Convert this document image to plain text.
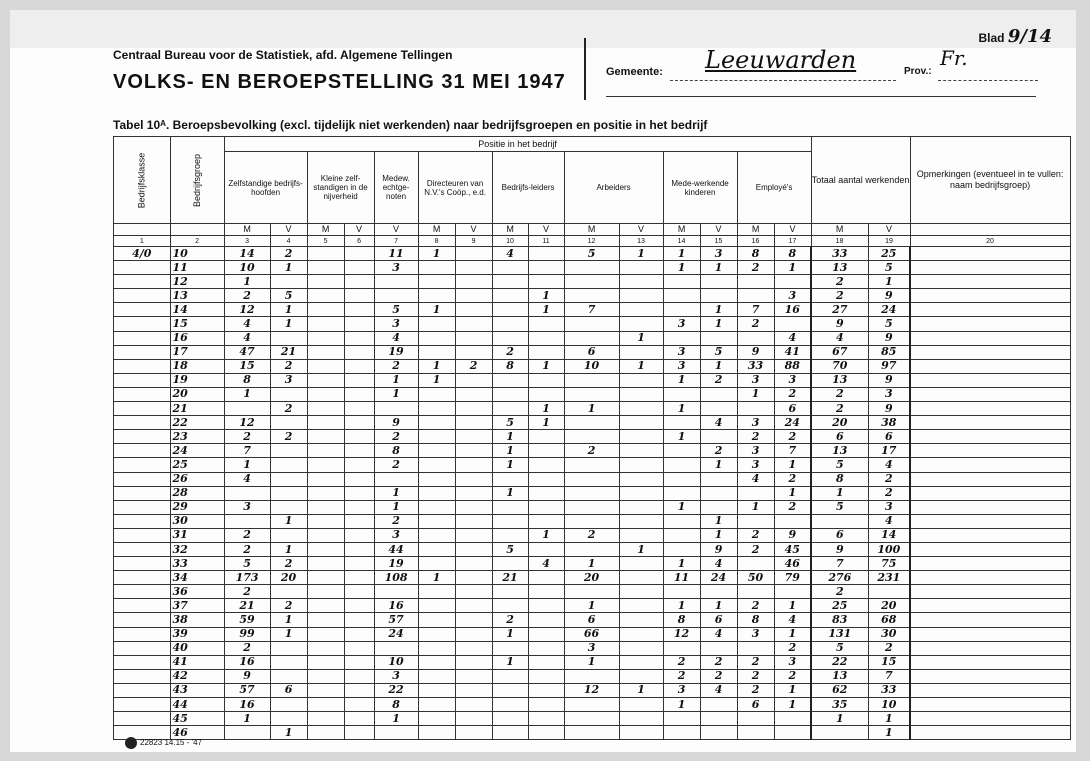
Blad 9/14
Centraal Bureau voor de Statistiek, afd. Algemene Tellingen
VOLKS- EN BEROEPSTELLING 31 MEI 1947	Gemeente: Leeuwarden	Prov.:
Fr.
Tabel 10ᴬ. Beroepsbevolking (excl. tijdelijk niet werkenden) naar bedrijfsgroepen en positie in het bedrijf
Bedrijfsklasse	Bedrijfsgroep	Positie in het bedrijf															Totaal aantal werkenden		Opmerkingen (eventueel in te vullen: naam bedrijfsgroep)
		Zelfstandige bedrijfs-hoofden		Kleine zelf-standigen in de nijverheid		Medew. echtge-noten	Directeuren van N.V.'s Coöp., e.d.		Bedrijfs-leiders		Arbeiders		Mede-werkende kinderen		Employé's				
		M	V	M	V	V	M	V	M	V	M	V	M	V	M	V	M	V	
1	2	3	4	5	6	7	8	9	10	11	12	13	14	15	16	17	18	19	20
4/0	10	14	2			11	1		4		5	1	1	3	8	8	33	25	
	11	10	1			3							1	1	2	1	13	5	
	12	1															2	1	
	13	2	5							1						3	2	9	
	14	12	1			5	1			1	7			1	7	16	27	24	
	15	4	1			3							3	1	2		9	5	
	16	4				4						1				4	4	9	
	17	47	21			19			2		6		3	5	9	41	67	85	
	18	15	2			2	1	2	8	1	10	1	3	1	33	88	70	97	
	19	8	3			1	1						1	2	3	3	13	9	
	20	1				1									1	2	2	3	
	21		2							1	1		1			6	2	9	
	22	12				9			5	1				4	3	24	20	38	
	23	2	2			2			1				1		2	2	6	6	
	24	7				8			1		2			2	3	7	13	17	
	25	1				2			1					1	3	1	5	4	
	26	4													4	2	8	2	
	28					1			1							1	1	2	
	29	3				1							1		1	2	5	3	
	30		1			2								1				4	
	31	2				3				1	2			1	2	9	6	14	
	32	2	1			44			5			1		9	2	45	9	100	
	33	5	2			19				4	1		1	4		46	7	75	
	34	173	20			108	1		21		20		11	24	50	79	276	231	
	36	2															2		
	37	21	2			16					1		1	1	2	1	25	20	
	38	59	1			57			2		6		8	6	8	4	83	68	
	39	99	1			24			1		66		12	4	3	1	131	30	
	40	2									3					2	5	2	
	41	16				10			1		1		2	2	2	3	22	15	
	42	9				3							2	2	2	2	13	7	
	43	57	6			22					12	1	3	4	2	1	62	33	
	44	16				8							1		6	1	35	10	
	45	1				1											1	1	
	46		1															1	
22823 14.15 - '47
